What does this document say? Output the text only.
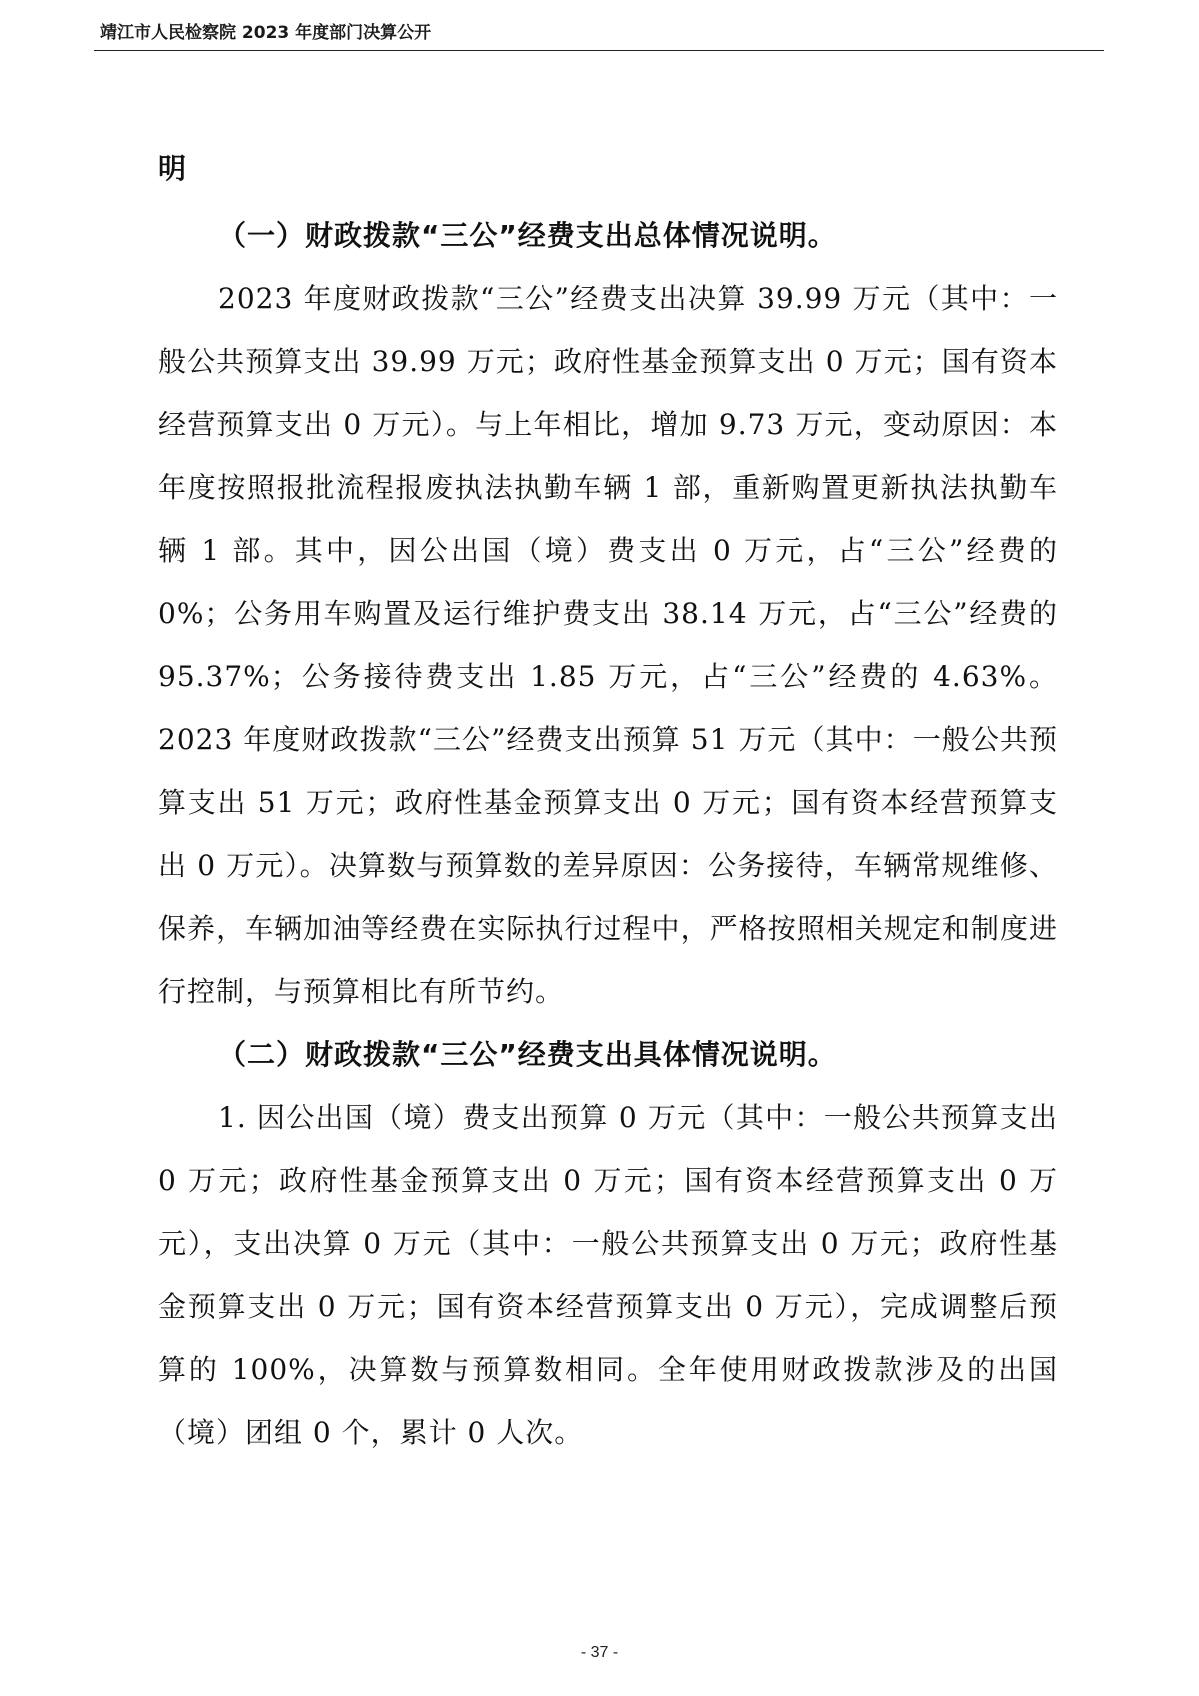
靖江市人民检察院 2023 年度部门决算公开

明

（一）财政拨款“三公”经费支出总体情况说明。

2023 年度财政拨款“三公”经费支出决算 39.99 万元（其中：一般公共预算支出 39.99 万元；政府性基金预算支出 0 万元；国有资本经营预算支出 0 万元）。与上年相比，增加 9.73 万元，变动原因：本年度按照报批流程报废执法执勤车辆 1 部，重新购置更新执法执勤车辆 1 部。其中，因公出国（境）费支出 0 万元，占“三公”经费的 0%；公务用车购置及运行维护费支出 38.14 万元，占“三公”经费的 95.37%；公务接待费支出 1.85 万元，占“三公”经费的 4.63%。2023 年度财政拨款“三公”经费支出预算 51 万元（其中：一般公共预算支出 51 万元；政府性基金预算支出 0 万元；国有资本经营预算支出 0 万元）。决算数与预算数的差异原因：公务接待，车辆常规维修、保养，车辆加油等经费在实际执行过程中，严格按照相关规定和制度进行控制，与预算相比有所节约。

（二）财政拨款“三公”经费支出具体情况说明。

1. 因公出国（境）费支出预算 0 万元（其中：一般公共预算支出 0 万元；政府性基金预算支出 0 万元；国有资本经营预算支出 0 万元），支出决算 0 万元（其中：一般公共预算支出 0 万元；政府性基金预算支出 0 万元；国有资本经营预算支出 0 万元），完成调整后预算的 100%，决算数与预算数相同。全年使用财政拨款涉及的出国（境）团组 0 个，累计 0 人次。

- 37 -
